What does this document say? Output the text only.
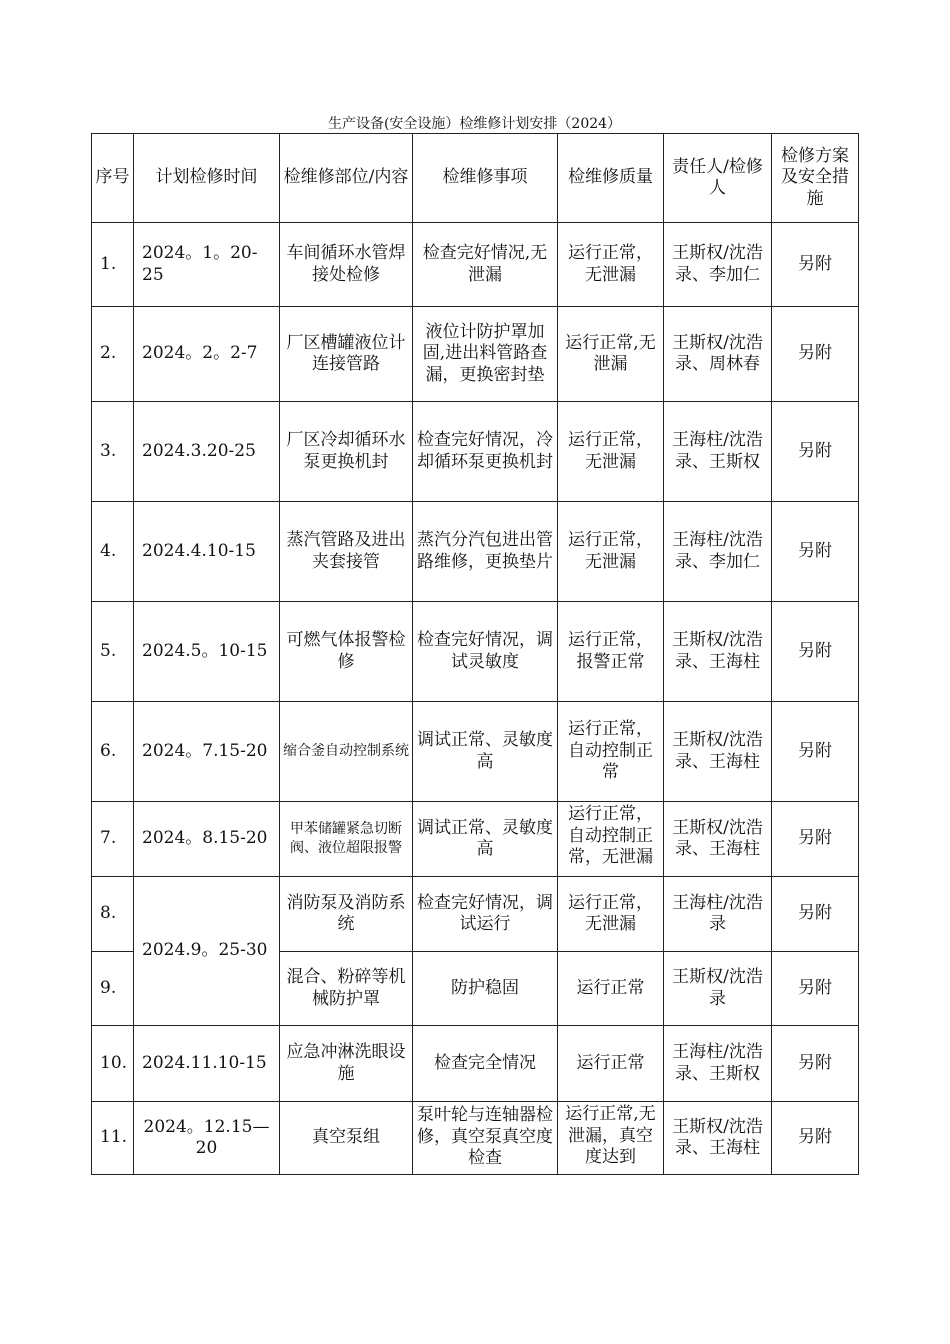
生产设备(安全设施）检维修计划安排（2024）
序号	计划检修时间	检维修部位/内容	检维修事项	检维修质量	责任人/检修人	检修方案及安全措施
1.	2024。1。20-25	车间循环水管焊接处检修	检查完好情况,无泄漏	运行正常，无泄漏	王斯权/沈浩录、李加仁	另附
2.	2024。2。2-7	厂区槽罐液位计连接管路	液位计防护罩加固,进出料管路查漏，更换密封垫	运行正常,无泄漏	王斯权/沈浩录、周林春	另附
3.	2024.3.20-25	厂区冷却循环水泵更换机封	检查完好情况，冷却循环泵更换机封	运行正常，无泄漏	王海柱/沈浩录、王斯权	另附
4.	2024.4.10-15	蒸汽管路及进出夹套接管	蒸汽分汽包进出管路维修，更换垫片	运行正常，无泄漏	王海柱/沈浩录、李加仁	另附
5.	2024.5。10-15	可燃气体报警检修	检查完好情况，调试灵敏度	运行正常，报警正常	王斯权/沈浩录、王海柱	另附
6.	2024。7.15-20	缩合釜自动控制系统	调试正常、灵敏度高	运行正常，自动控制正常	王斯权/沈浩录、王海柱	另附
7.	2024。8.15-20	甲苯储罐紧急切断阀、液位超限报警	调试正常、灵敏度高	运行正常，自动控制正常，无泄漏	王斯权/沈浩录、王海柱	另附
8.	2024.9。25-30	消防泵及消防系统	检查完好情况，调试运行	运行正常，无泄漏	王海柱/沈浩录	另附
9.		混合、粉碎等机械防护罩	防护稳固	运行正常	王斯权/沈浩录	另附
10.	2024.11.10-15	应急冲淋洗眼设施	检查完全情况	运行正常	王海柱/沈浩录、王斯权	另附
11.	2024。12.15—20	真空泵组	泵叶轮与连轴器检修，真空泵真空度检查	运行正常,无泄漏，真空度达到	王斯权/沈浩录、王海柱	另附
